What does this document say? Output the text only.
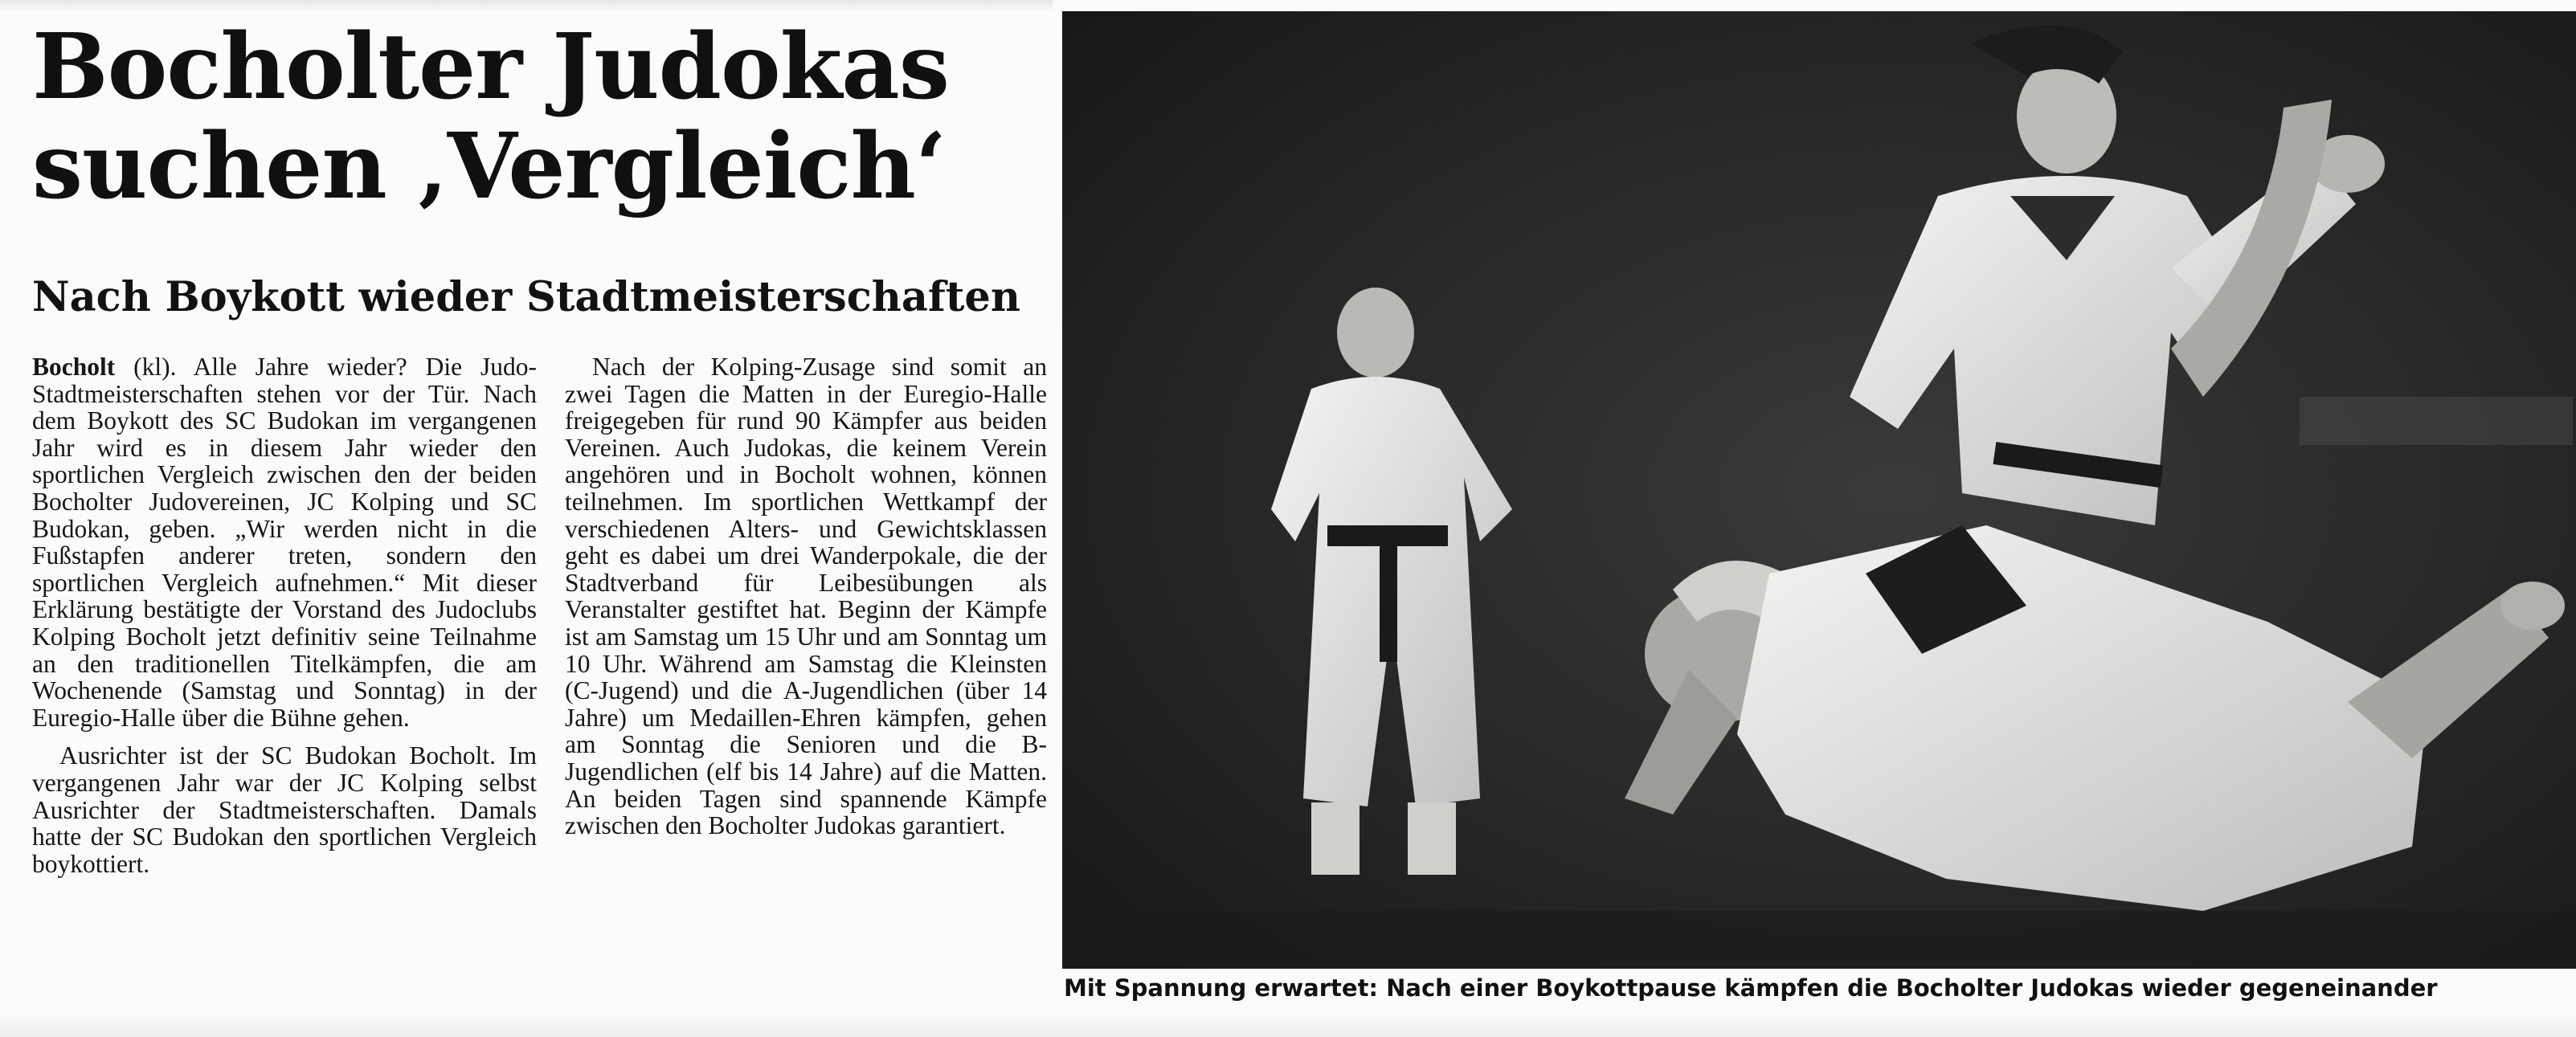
Bocholter Judokas
suchen ‚Vergleich‘
Nach Boykott wieder Stadtmeisterschaften

Bocholt (kl). Alle Jahre wieder? Die Judo-Stadtmeisterschaften stehen vor der Tür. Nach dem Boykott des SC Budokan im vergangenen Jahr wird es in diesem Jahr wieder den sportlichen Vergleich zwischen den der beiden Bocholter Judovereinen, JC Kolping und SC Budokan, geben. „Wir werden nicht in die Fußstapfen anderer treten, sondern den sportlichen Vergleich aufnehmen.“ Mit dieser Erklärung bestätigte der Vorstand des Judoclubs Kolping Bocholt jetzt definitiv seine Teilnahme an den traditionellen Titelkämpfen, die am Wochenende (Samstag und Sonntag) in der Euregio-Halle über die Bühne gehen.

Ausrichter ist der SC Budokan Bocholt. Im vergangenen Jahr war der JC Kolping selbst Ausrichter der Stadtmeisterschaften. Damals hatte der SC Budokan den sportlichen Vergleich boykottiert.

Nach der Kolping-Zusage sind somit an zwei Tagen die Matten in der Euregio-Halle freigegeben für rund 90 Kämpfer aus beiden Vereinen. Auch Judokas, die keinem Verein angehören und in Bocholt wohnen, können teilnehmen. Im sportlichen Wettkampf der verschiedenen Alters- und Gewichtsklassen geht es dabei um drei Wanderpokale, die der Stadtverband für Leibesübungen als Veranstalter gestiftet hat. Beginn der Kämpfe ist am Samstag um 15 Uhr und am Sonntag um 10 Uhr. Während am Samstag die Kleinsten (C-Jugend) und die A-Jugendlichen (über 14 Jahre) um Medaillen-Ehren kämpfen, gehen am Sonntag die Senioren und die B-Jugendlichen (elf bis 14 Jahre) auf die Matten. An beiden Tagen sind spannende Kämpfe zwischen den Bocholter Judokas garantiert.

Mit Spannung erwartet: Nach einer Boykottpause kämpfen die Bocholter Judokas wieder gegeneinander
